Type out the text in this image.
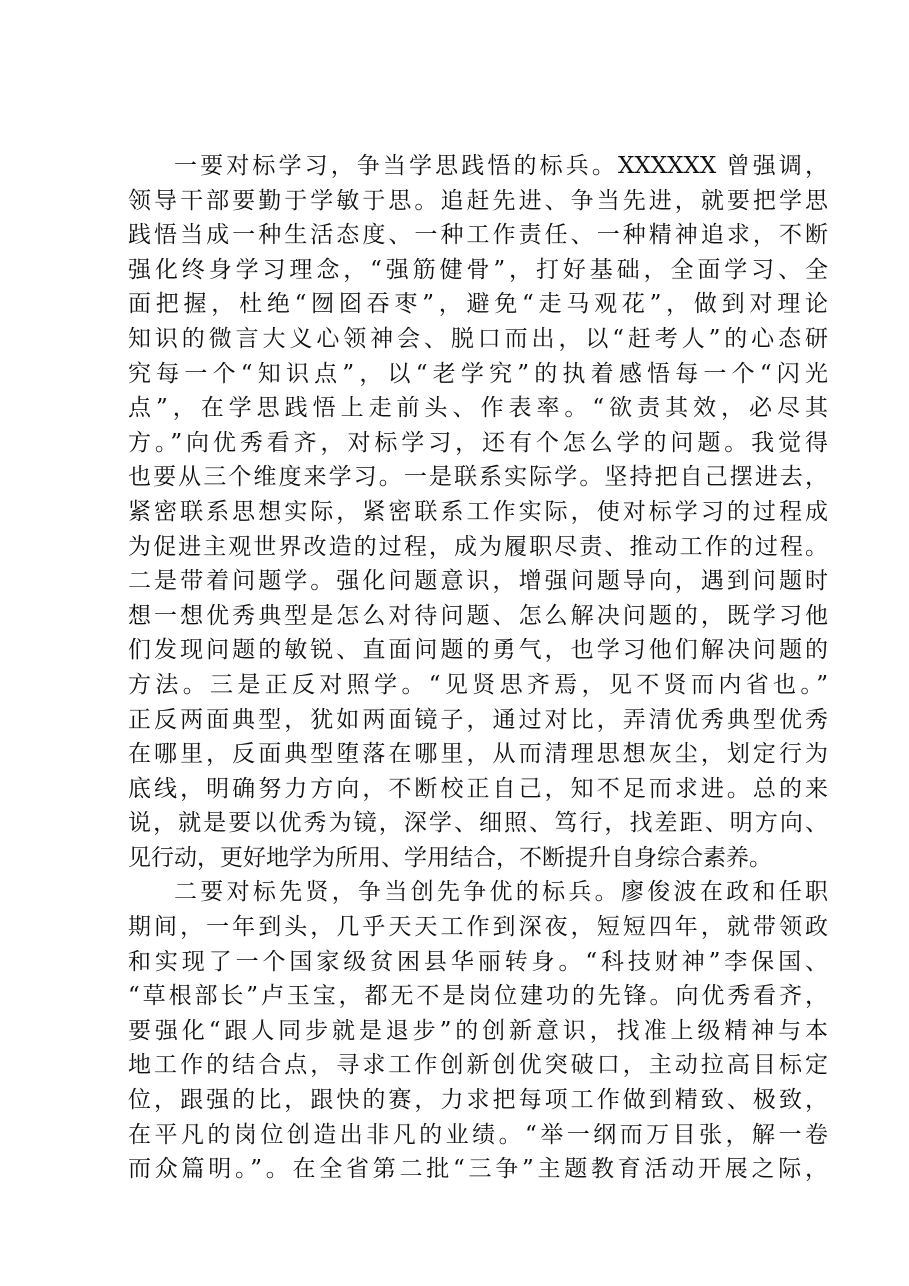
一要对标学习，争当学思践悟的标兵。XXXXXX 曾强调，
领导干部要勤于学敏于思。追赶先进、争当先进，就要把学思
践悟当成一种生活态度、一种工作责任、一种精神追求，不断
强化终身学习理念，“强筋健骨”，打好基础，全面学习、全
面把握，杜绝“囫囵吞枣”，避免“走马观花”，做到对理论
知识的微言大义心领神会、脱口而出，以“赶考人”的心态研
究每一个“知识点”，以“老学究”的执着感悟每一个“闪光
点”，在学思践悟上走前头、作表率。“欲责其效，必尽其
方。”向优秀看齐，对标学习，还有个怎么学的问题。我觉得
也要从三个维度来学习。一是联系实际学。坚持把自己摆进去，
紧密联系思想实际，紧密联系工作实际，使对标学习的过程成
为促进主观世界改造的过程，成为履职尽责、推动工作的过程。
二是带着问题学。强化问题意识，增强问题导向，遇到问题时
想一想优秀典型是怎么对待问题、怎么解决问题的，既学习他
们发现问题的敏锐、直面问题的勇气，也学习他们解决问题的
方法。三是正反对照学。“见贤思齐焉，见不贤而内省也。”
正反两面典型，犹如两面镜子，通过对比，弄清优秀典型优秀
在哪里，反面典型堕落在哪里，从而清理思想灰尘，划定行为
底线，明确努力方向，不断校正自己，知不足而求进。总的来
说，就是要以优秀为镜，深学、细照、笃行，找差距、明方向、
见行动，更好地学为所用、学用结合，不断提升自身综合素养。
二要对标先贤，争当创先争优的标兵。廖俊波在政和任职
期间，一年到头，几乎天天工作到深夜，短短四年，就带领政
和实现了一个国家级贫困县华丽转身。“科技财神”李保国、
“草根部长”卢玉宝，都无不是岗位建功的先锋。向优秀看齐，
要强化“跟人同步就是退步”的创新意识，找准上级精神与本
地工作的结合点，寻求工作创新创优突破口，主动拉高目标定
位，跟强的比，跟快的赛，力求把每项工作做到精致、极致，
在平凡的岗位创造出非凡的业绩。“举一纲而万目张，解一卷
而众篇明。”。在全省第二批“三争”主题教育活动开展之际，
